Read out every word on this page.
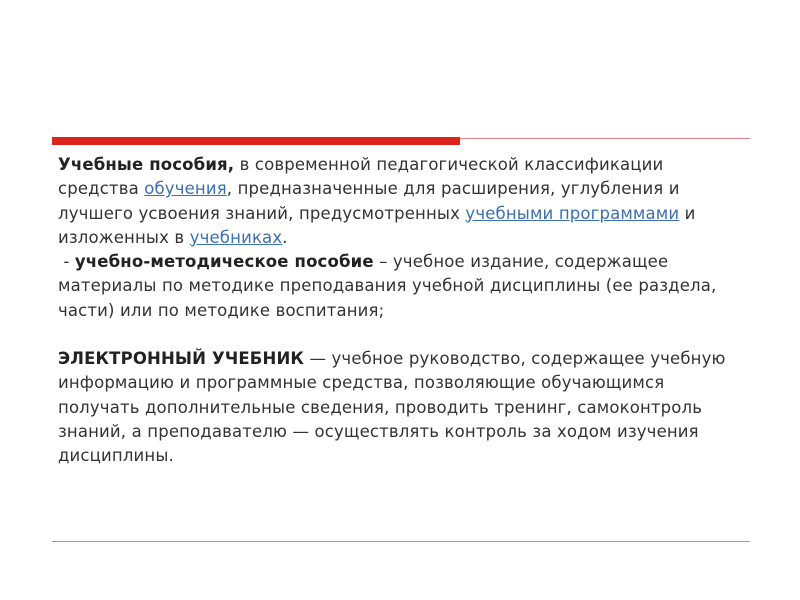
Учебные пособия, в современной педагогической классификации средства обучения, предназначенные для расширения, углубления и лучшего усвоения знаний, предусмотренных учебными программами и изложенных в учебниках.

- учебно-методическое пособие – учебное издание, содержащее материалы по методике преподавания учебной дисциплины (ее раздела, части) или по методике воспитания;

ЭЛЕКТРОННЫЙ УЧЕБНИК — учебное руководство, содержащее учебную информацию и программные средства, позволяющие обучающимся получать дополнительные сведения, проводить тренинг, самоконтроль знаний, а преподавателю — осуществлять контроль за ходом изучения дисциплины.
